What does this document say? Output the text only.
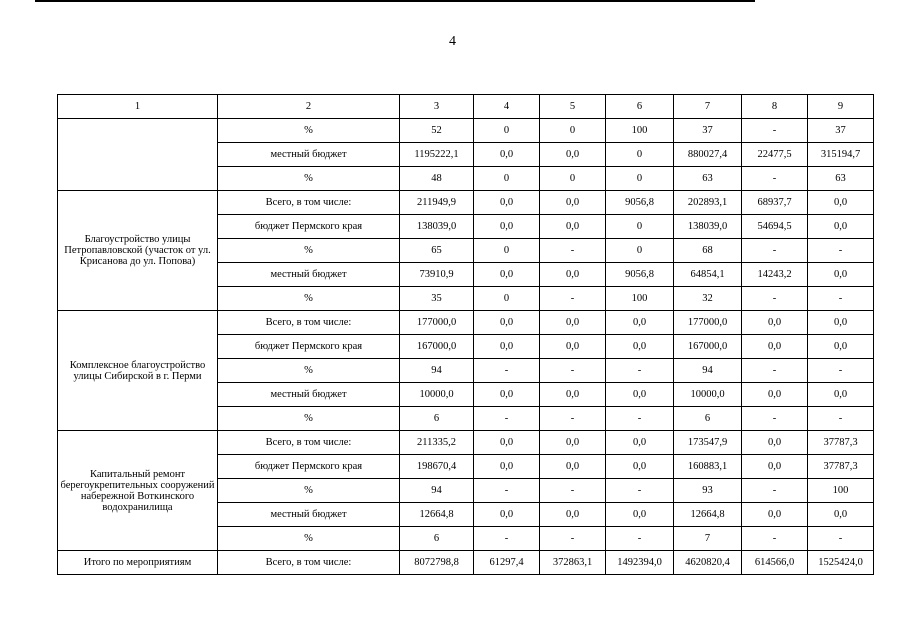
4
1	2	3	4	5	6	7	8	9
	%	52	0	0	100	37	-	37
	местный бюджет	1195222,1	0,0	0,0	0	880027,4	22477,5	315194,7
	%	48	0	0	0	63	-	63
Благоустройство улицы Петропавловской (участок от ул. Крисанова до ул. Попова)	Всего, в том числе:	211949,9	0,0	0,0	9056,8	202893,1	68937,7	0,0
	бюджет Пермского края	138039,0	0,0	0,0	0	138039,0	54694,5	0,0
	%	65	0	-	0	68	-	-
	местный бюджет	73910,9	0,0	0,0	9056,8	64854,1	14243,2	0,0
	%	35	0	-	100	32	-	-
Комплексное благоустройство улицы Сибирской в г. Перми	Всего, в том числе:	177000,0	0,0	0,0	0,0	177000,0	0,0	0,0
	бюджет Пермского края	167000,0	0,0	0,0	0,0	167000,0	0,0	0,0
	%	94	-	-	-	94	-	-
	местный бюджет	10000,0	0,0	0,0	0,0	10000,0	0,0	0,0
	%	6	-	-	-	6	-	-
Капитальный ремонт берегоукрепительных сооружений набережной Воткинского водохранилища	Всего, в том числе:	211335,2	0,0	0,0	0,0	173547,9	0,0	37787,3
	бюджет Пермского края	198670,4	0,0	0,0	0,0	160883,1	0,0	37787,3
	%	94	-	-	-	93	-	100
	местный бюджет	12664,8	0,0	0,0	0,0	12664,8	0,0	0,0
	%	6	-	-	-	7	-	-
Итого по мероприятиям	Всего, в том числе:	8072798,8	61297,4	372863,1	1492394,0	4620820,4	614566,0	1525424,0
